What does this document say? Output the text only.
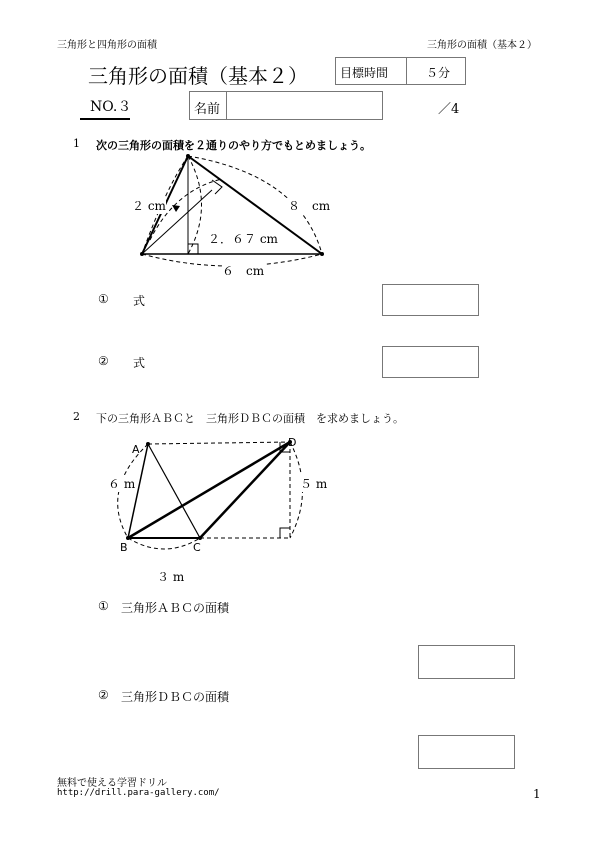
三角形と四角形の面積	三角形の面積（基本２）
三角形の面積（基本２）	目標時間	５分
NO.３	名前	／4
1 次の三角形の面積を２通りのやり方でもとめましょう。
２ cm	８　cm
２．６７ cm
６　cm
① 式
② 式
2 下の三角形ＡＢＣと　三角形ＤＢＣの面積　を求めましょう。
A
B	C
D
６ m	５ m
３ m
① 三角形ＡＢＣの面積
② 三角形ＤＢＣの面積
無料で使える学習ドリル
http://drill.para-gallery.com/	1
